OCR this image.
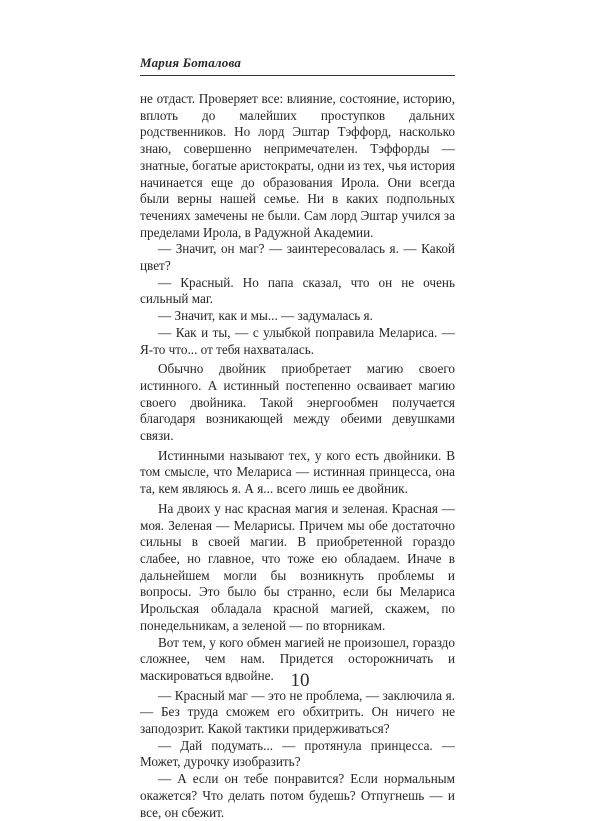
Мария Боталова

не отдаст. Проверяет все: влияние, состояние, историю, вплоть до малейших проступков дальних родственников. Но лорд Эштар Тэффорд, насколько знаю, совершенно непримечателен. Тэффорды — знатные, богатые аристократы, одни из тех, чья история начинается еще до образования Ирола. Они всегда были верны нашей семье. Ни в каких подпольных течениях замечены не были. Сам лорд Эштар учился за пределами Ирола, в Радужной Академии.

— Значит, он маг? — заинтересовалась я. — Какой цвет?

— Красный. Но папа сказал, что он не очень сильный маг.

— Значит, как и мы... — задумалась я.

— Как и ты, — с улыбкой поправила Мелариса. — Я-то что... от тебя нахваталась.

Обычно двойник приобретает магию своего истинного. А истинный постепенно осваивает магию своего двойника. Такой энергообмен получается благодаря возникающей между обеими девушками связи.

Истинными называют тех, у кого есть двойники. В том смысле, что Мелариса — истинная принцесса, она та, кем являюсь я. А я... всего лишь ее двойник.

На двоих у нас красная магия и зеленая. Красная — моя. Зеленая — Меларисы. Причем мы обе достаточно сильны в своей магии. В приобретенной гораздо слабее, но главное, что тоже ею обладаем. Иначе в дальнейшем могли бы возникнуть проблемы и вопросы. Это было бы странно, если бы Мелариса Ирольская обладала красной магией, скажем, по понедельникам, а зеленой — по вторникам.

Вот тем, у кого обмен магией не произошел, гораздо сложнее, чем нам. Придется осторожничать и маскироваться вдвойне.

— Красный маг — это не проблема, — заключила я. — Без труда сможем его обхитрить. Он ничего не заподозрит. Какой тактики придерживаться?

— Дай подумать... — протянула принцесса. — Может, дурочку изобразить?

— А если он тебе понравится? Если нормальным окажется? Что делать потом будешь? Отпугнешь — и все, он сбежит.

10
